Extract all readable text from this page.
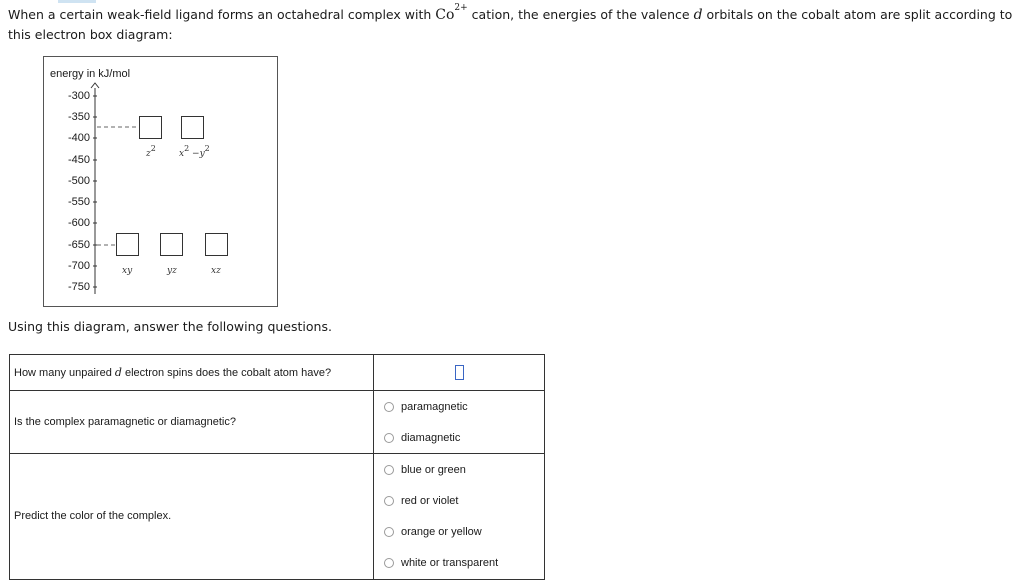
When a certain weak-field ligand forms an octahedral complex with $Co^{2+}$ cation, the energies of the valence d orbitals on the cobalt atom are split according to this electron box diagram:
energy in kJ/mol
-300
-350
-400
-450
-500
-550
-600
-650
-700
-750
z2
x2 −y2
xy	yz	xz
Using this diagram, answer the following questions.
How many unpaired d electron spins does the cobalt atom have?	

Is the complex paramagnetic or diamagnetic?	paramagnetic
diamagnetic

Predict the color of the complex.	blue or green
red or violet
orange or yellow
white or transparent
